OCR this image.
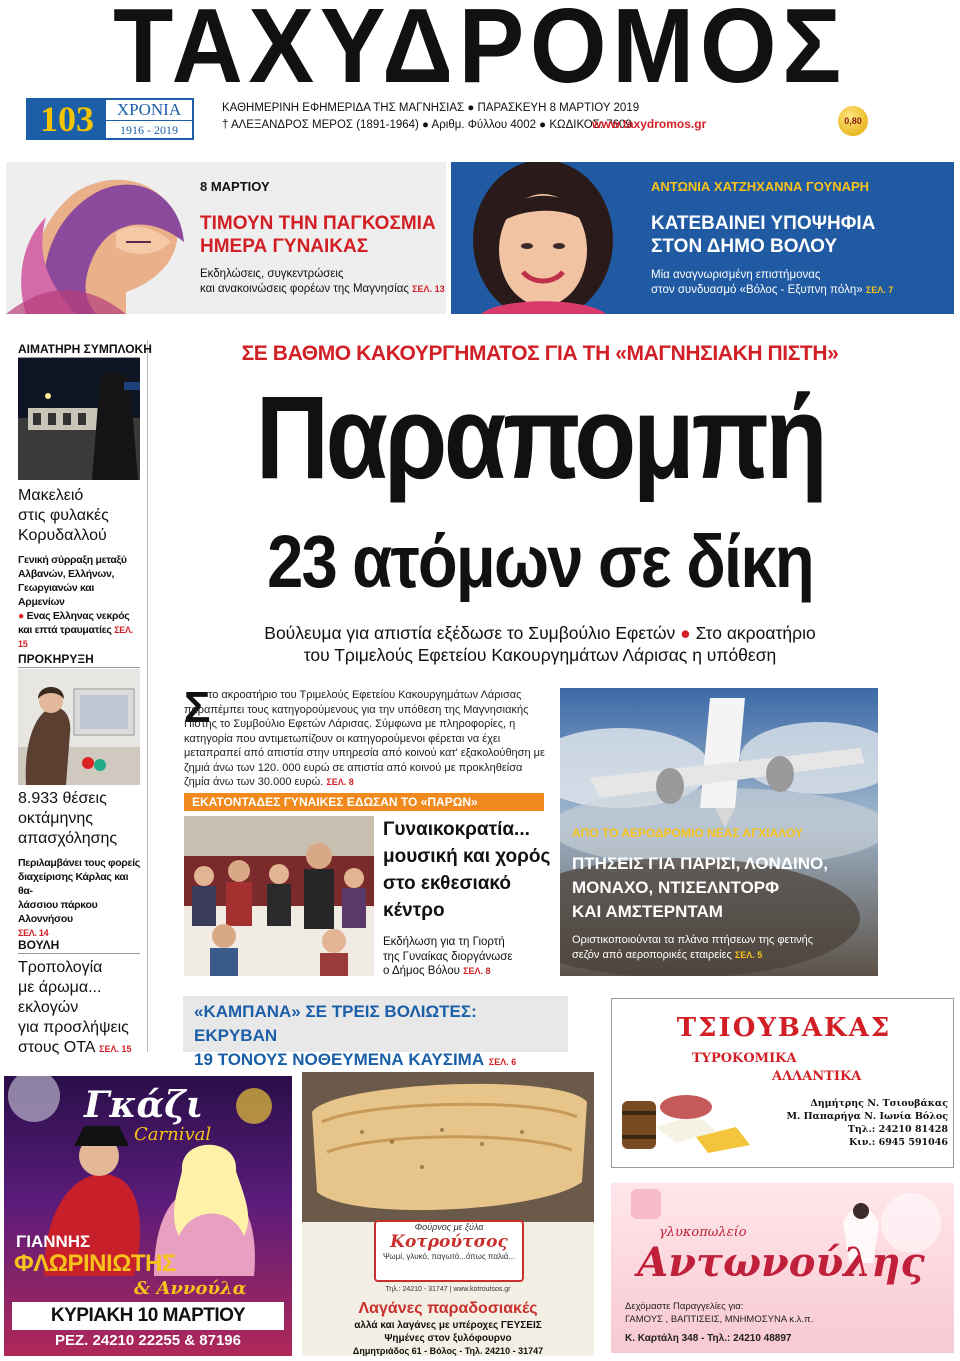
ΤΑΧΥΔΡΟΜΟΣ
103	ΧΡΟΝΙΑ
1916 - 2019
ΚΑΘΗΜΕΡΙΝΗ ΕΦΗΜΕΡΙΔΑ ΤΗΣ ΜΑΓΝΗΣΙΑΣ ● ΠΑΡΑΣΚΕΥΗ 8 ΜΑΡΤΙΟΥ 2019
† ΑΛΕΞΑΝΔΡΟΣ ΜΕΡΟΣ (1891-1964) ● Αριθμ. Φύλλου 4002 ● ΚΩΔΙΚΟΣ: 7609
www.taxydromos.gr	0,80
8 ΜΑΡΤΙΟΥ
ΤΙΜΟΥΝ ΤΗΝ ΠΑΓΚΟΣΜΙΑ
ΗΜΕΡΑ ΓΥΝΑΙΚΑΣ
Εκδηλώσεις, συγκεντρώσεις
και ανακοινώσεις φορέων της Μαγνησίας ΣΕΛ. 13
ΑΝΤΩΝΙΑ ΧΑΤΖΗΧΑΝΝΑ ΓΟΥΝΑΡΗ
ΚΑΤΕΒΑΙΝΕΙ ΥΠΟΨΗΦΙΑ
ΣΤΟΝ ΔΗΜΟ ΒΟΛΟΥ
Μία αναγνωρισμένη επιστήμονας
στον συνδυασμό «Βόλος - Εξυπνη πόλη» ΣΕΛ. 7
ΑΙΜΑΤΗΡΗ ΣΥΜΠΛΟΚΗ
Μακελειό
στις φυλακές
Κορυδαλλού
Γενική σύρραξη μεταξύ
Αλβανών, Ελλήνων,
Γεωργιανών και Αρμενίων
● Ενας Ελληνας νεκρός
και επτά τραυματίες ΣΕΛ. 15
ΠΡΟΚΗΡΥΞΗ
8.933 θέσεις
οκτάμηνης
απασχόλησης
Περιλαμβάνει τους φορείς
διαχείρισης Κάρλας και θα-
λάσσιου πάρκου Αλοννήσου
ΣΕΛ. 14
ΒΟΥΛΗ
Τροπολογία
με άρωμα...
εκλογών
για προσλήψεις
στους ΟΤΑ ΣΕΛ. 15
ΣΕ ΒΑΘΜΟ ΚΑΚΟΥΡΓΗΜΑΤΟΣ ΓΙΑ ΤΗ «ΜΑΓΝΗΣΙΑΚΗ ΠΙΣΤΗ»
Παραπομπή
23 ατόμων σε δίκη
Βούλευμα για απιστία εξέδωσε το Συμβούλιο Εφετών ● Στο ακροατήριο
του Τριμελούς Εφετείου Κακουργημάτων Λάρισας η υπόθεση
Σ
το ακροατήριο του Τριμελούς Εφετείου Κακουργημάτων Λάρισας παραπέμπει τους κατηγορούμενους για την υπόθεση της Μαγνησιακής Πίστης το Συμβούλιο Εφετών Λάρισας. Σύμφωνα με πληροφορίες, η κατηγορία που αντιμετωπίζουν οι κατηγορούμενοι φέρεται να έχει μεταπραπεί από απιστία στην υπηρεσία από κοινού κατ' εξακολούθηση με ζημιά άνω των 120. 000 ευρώ σε απιστία από κοινού με προκληθείσα ζημία άνω των 30.000 ευρώ. ΣΕΛ. 8
ΕΚΑΤΟΝΤΑΔΕΣ ΓΥΝΑΙΚΕΣ ΕΔΩΣΑΝ ΤΟ «ΠΑΡΩΝ»
Γυναικοκρατία...
μουσική και χορός
στο εκθεσιακό
κέντρο
Εκδήλωση για τη Γιορτή
της Γυναίκας διοργάνωσε
ο Δήμος Βόλου ΣΕΛ. 8
ΑΠΟ ΤΟ ΑΕΡΟΔΡΟΜΙΟ ΝΕΑΣ ΑΓΧΙΑΛΟΥ
ΠΤΗΣΕΙΣ ΓΙΑ ΠΑΡΙΣΙ, ΛΟΝΔΙΝΟ,
ΜΟΝΑΧΟ, ΝΤΙΣΕΛΝΤΟΡΦ
ΚΑΙ ΑΜΣΤΕΡΝΤΑΜ
Οριστικοποιούνται τα πλάνα πτήσεων της φετινής
σεζόν από αεροπορικές εταιρείες ΣΕΛ. 5
«ΚΑΜΠΑΝΑ» ΣΕ ΤΡΕΙΣ ΒΟΛΙΩΤΕΣ: ΕΚΡΥΒΑΝ
19 ΤΟΝΟΥΣ ΝΟΘΕΥΜΕΝΑ ΚΑΥΣΙΜΑ ΣΕΛ. 6
Γκάζι
Carnival
ΓΙΑΝΝΗΣ
ΦΛΩΡΙΝΙΩΤΗΣ
& Αννούλα
ΚΥΡΙΑΚΗ 10 ΜΑΡΤΙΟΥ
ΡΕΖ. 24210 22255 & 87196
Φούρνος με ξύλα
Κοτρούτσος
Ψωμί, γλυκό, παγωτό...όπως παλιά...
Τηλ.: 24210 - 31747 | www.kotroutsos.gr
Λαγάνες παραδοσιακές
αλλά και λαγάνες με υπέροχες ΓΕΥΣΕΙΣ
Ψημένες στον ξυλόφουρνο
Δημητριάδος 61 - Βόλος - Τηλ. 24210 - 31747
ΤΣΙΟΥΒΑΚΑΣ
ΤΥΡΟΚΟΜΙΚΑ
ΑΛΛΑΝΤΙΚΑ
Δημήτρης Ν. Τσιουβάκας
Μ. Παπαρήγα Ν. Ιωνία Βόλος
Τηλ.: 24210 81428
Κιν.: 6945 591046
γλυκοπωλείο
Αντωνούλης
Δεχόμαστε Παραγγελίες για:
ΓΑΜΟΥΣ , ΒΑΠΤΙΣΕΙΣ, ΜΝΗΜΟΣΥΝΑ κ.λ.π.
Κ. Καρτάλη 348 - Τηλ.: 24210 48897
